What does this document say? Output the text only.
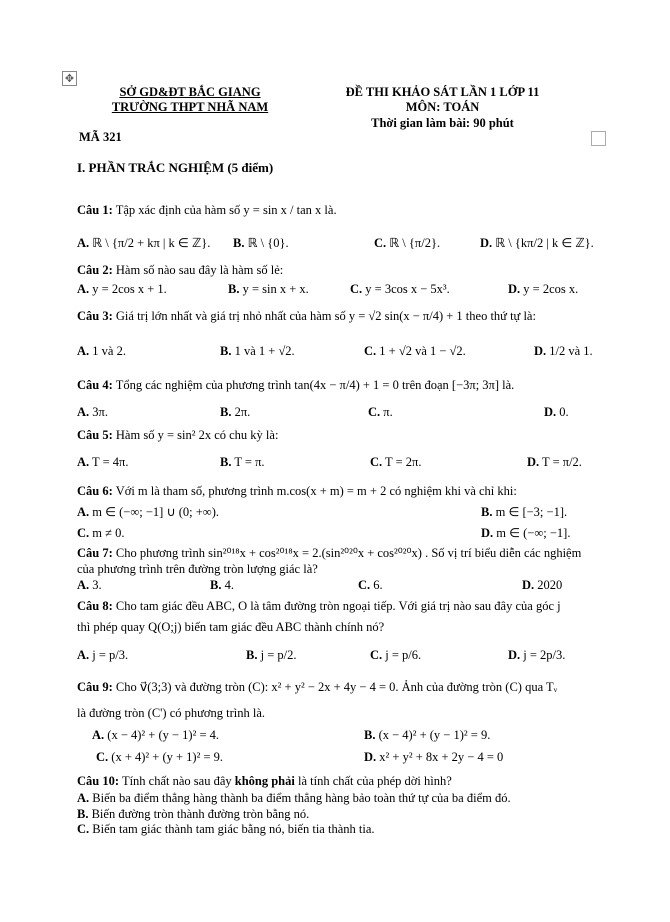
✥
SỞ GD&ĐT BẮC GIANG
TRƯỜNG THPT NHÃ NAM
ĐỀ THI KHẢO SÁT LẦN 1 LỚP 11
MÔN: TOÁN
Thời gian làm bài: 90 phút
MÃ 321
I. PHẦN TRẮC NGHIỆM (5 điểm)
Câu 1: Tập xác định của hàm số y = sin x / tan x là.
A. ℝ \ {π/2 + kπ | k ∈ ℤ}. B. ℝ \ {0}.	C. ℝ \ {π/2}.	D. ℝ \ {kπ/2 | k ∈ ℤ}.
Câu 2: Hàm số nào sau đây là hàm số lẻ:
A. y = 2cos x + 1.	B. y = sin x + x.	C. y = 3cos x − 5x³.	D. y = 2cos x.
Câu 3: Giá trị lớn nhất và giá trị nhỏ nhất của hàm số y = √2 sin(x − π/4) + 1 theo thứ tự là:
A. 1 và 2.	B. 1 và 1 + √2.	C. 1 + √2 và 1 − √2.	D. 1/2 và 1.
Câu 4: Tổng các nghiệm của phương trình tan(4x − π/4) + 1 = 0 trên đoạn [−3π; 3π] là.
A. 3π.	B. 2π.	C. π.	D. 0.
Câu 5: Hàm số y = sin² 2x có chu kỳ là:
A. T = 4π.	B. T = π.	C. T = 2π.	D. T = π/2.
Câu 6: Với m là tham số, phương trình m.cos(x + m) = m + 2 có nghiệm khi và chỉ khi:
A. m ∈ (−∞; −1] ∪ (0; +∞).	B. m ∈ [−3; −1].
C. m ≠ 0.	D. m ∈ (−∞; −1].
Câu 7: Cho phương trình sin²⁰¹⁸x + cos²⁰¹⁸x = 2.(sin²⁰²⁰x + cos²⁰²⁰x) . Số vị trí biểu diễn các nghiệm
của phương trình trên đường tròn lượng giác là?
A. 3.	B. 4.	C. 6.	D. 2020
Câu 8: Cho tam giác đều ABC, O là tâm đường tròn ngoại tiếp. Với giá trị nào sau đây của góc j
thì phép quay Q(O;j) biến tam giác đều ABC thành chính nó?
A. j = p/3.	B. j = p/2.	C. j = p/6.	D. j = 2p/3.
Câu 9: Cho v⃗(3;3) và đường tròn (C): x² + y² − 2x + 4y − 4 = 0. Ảnh của đường tròn (C) qua Tᵥ
là đường tròn (C') có phương trình là.
A. (x − 4)² + (y − 1)² = 4.	B. (x − 4)² + (y − 1)² = 9.
C. (x + 4)² + (y + 1)² = 9.	D. x² + y² + 8x + 2y − 4 = 0
Câu 10: Tính chất nào sau đây không phải là tính chất của phép dời hình?
A. Biến ba điểm thẳng hàng thành ba điểm thẳng hàng bảo toàn thứ tự của ba điểm đó.
B. Biến đường tròn thành đường tròn bằng nó.
C. Biến tam giác thành tam giác bằng nó, biến tia thành tia.
